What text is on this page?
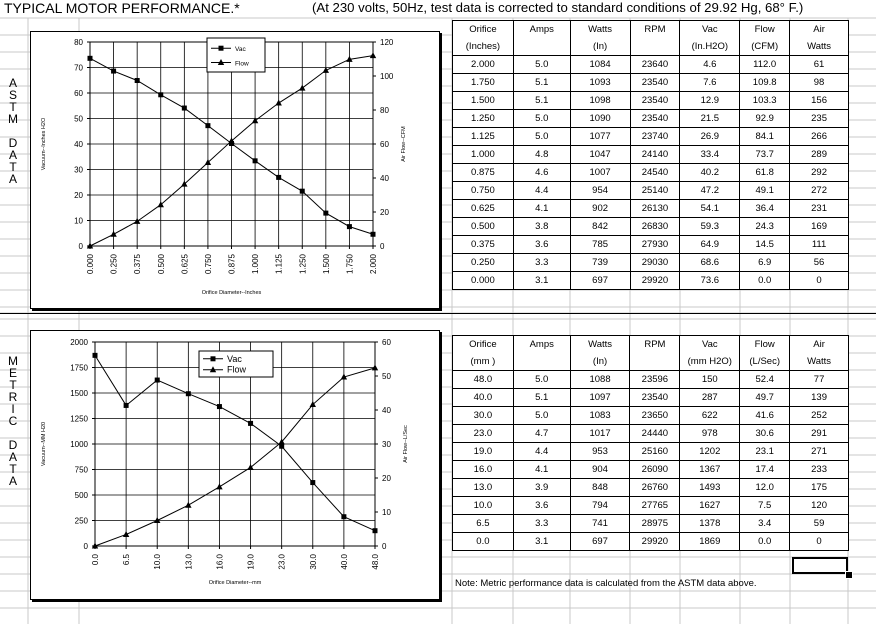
TYPICAL MOTOR PERFORMANCE.*	(At 230 volts, 50Hz, test data is corrected to standard conditions of 29.92 Hg, 68° F.)
A
S
T
M
D
A
T
A
M
E
T
R
I
C
D
A
T
A
0
10
20
30
40
50
60
70
80
0
20
40
60
80
100
120
0.000 0.250 0.375 0.500 0.625 0.750 0.875 1.000 1.125 1.250 1.500 1.750 2.000
Orifice Diameter--Inches
Vacuum--Inches H2O	Air Flow--CFM
Vac
Flow
0
250
500
750
1000
1250
1500
1750
2000
0
10
20
30
40
50
60
0.0	6.5	10.0	13.0	16.0	19.0	23.0	30.0	40.0	48.0
Orifice Diameter--mm
Vacuum--MM H20	Air Flow--L/Sec
Vac
Flow
Orifice	Amps	Watts	RPM	Vac	Flow	Air
(Inches)		(In)		(In.H2O)	(CFM)	Watts
2.000	5.0	1084	23640	4.6	112.0	61
1.750	5.1	1093	23540	7.6	109.8	98
1.500	5.1	1098	23540	12.9	103.3	156
1.250	5.0	1090	23540	21.5	92.9	235
1.125	5.0	1077	23740	26.9	84.1	266
1.000	4.8	1047	24140	33.4	73.7	289
0.875	4.6	1007	24540	40.2	61.8	292
0.750	4.4	954	25140	47.2	49.1	272
0.625	4.1	902	26130	54.1	36.4	231
0.500	3.8	842	26830	59.3	24.3	169
0.375	3.6	785	27930	64.9	14.5	111
0.250	3.3	739	29030	68.6	6.9	56
0.000	3.1	697	29920	73.6	0.0	0
Orifice	Amps	Watts	RPM	Vac	Flow	Air
(mm )		(In)		(mm H2O)	(L/Sec)	Watts
48.0	5.0	1088	23596	150	52.4	77
40.0	5.1	1097	23540	287	49.7	139
30.0	5.0	1083	23650	622	41.6	252
23.0	4.7	1017	24440	978	30.6	291
19.0	4.4	953	25160	1202	23.1	271
16.0	4.1	904	26090	1367	17.4	233
13.0	3.9	848	26760	1493	12.0	175
10.0	3.6	794	27765	1627	7.5	120
6.5	3.3	741	28975	1378	3.4	59
0.0	3.1	697	29920	1869	0.0	0
Note: Metric performance data is calculated from the ASTM data above.
